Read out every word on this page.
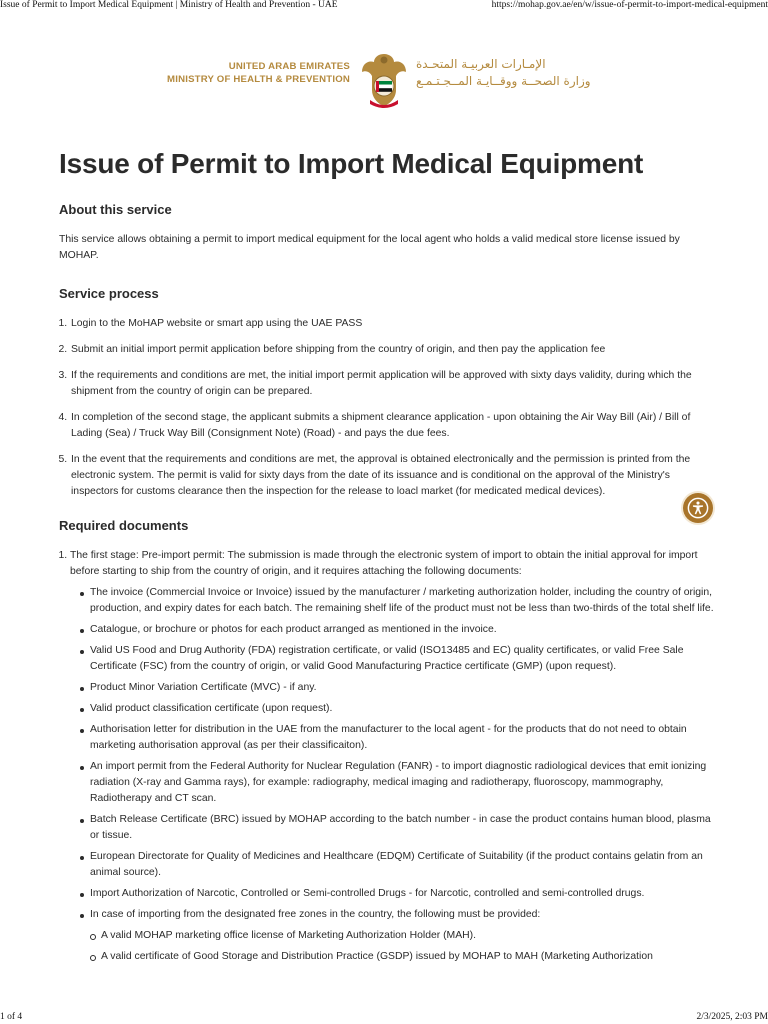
Issue of Permit to Import Medical Equipment | Ministry of Health and Prevention - UAE	https://mohap.gov.ae/en/w/issue-of-permit-to-import-medical-equipment
UNITED ARAB EMIRATES
MINISTRY OF HEALTH & PREVENTION
الإمـارات العربيـة المتحـدة
وزارة الصحــة ووقــايـة المــجـتـمـع
Issue of Permit to Import Medical Equipment
About this service

This service allows obtaining a permit to import medical equipment for the local agent who holds a valid medical store license issued by MOHAP.

Service process
1. Login to the MoHAP website or smart app using the UAE PASS
2. Submit an initial import permit application before shipping from the country of origin, and then pay the application fee
3. If the requirements and conditions are met, the initial import permit application will be approved with sixty days validity, during which the shipment from the country of origin can be prepared.
4. In completion of the second stage, the applicant submits a shipment clearance application - upon obtaining the Air Way Bill (Air) / Bill of Lading (Sea) / Truck Way Bill (Consignment Note) (Road) - and pays the due fees.
5. In the event that the requirements and conditions are met, the approval is obtained electronically and the permission is printed from the electronic system. The permit is valid for sixty days from the date of its issuance and is conditional on the approval of the Ministry's inspectors for customs clearance then the inspection for the release to loacl market (for medicated medical devices).
Required documents
1. The first stage: Pre-import permit: The submission is made through the electronic system of import to obtain the initial approval for import before starting to ship from the country of origin, and it requires attaching the following documents:
The invoice (Commercial Invoice or Invoice) issued by the manufacturer / marketing authorization holder, including the country of origin, production, and expiry dates for each batch. The remaining shelf life of the product must not be less than two-thirds of the total shelf life.
Catalogue, or brochure or photos for each product arranged as mentioned in the invoice.
Valid US Food and Drug Authority (FDA) registration certificate, or valid (ISO13485 and EC) quality certificates, or valid Free Sale Certificate (FSC) from the country of origin, or valid Good Manufacturing Practice certificate (GMP) (upon request).
Product Minor Variation Certificate (MVC) - if any.
Valid product classification certificate (upon request).
Authorisation letter for distribution in the UAE from the manufacturer to the local agent - for the products that do not need to obtain marketing authorisation approval (as per their classificaiton).
An import permit from the Federal Authority for Nuclear Regulation (FANR) - to import diagnostic radiological devices that emit ionizing radiation (X-ray and Gamma rays), for example: radiography, medical imaging and radiotherapy, fluoroscopy, mammography, Radiotherapy and CT scan.
Batch Release Certificate (BRC) issued by MOHAP according to the batch number - in case the product contains human blood, plasma or tissue.
European Directorate for Quality of Medicines and Healthcare (EDQM) Certificate of Suitability (if the product contains gelatin from an animal source).
Import Authorization of Narcotic, Controlled or Semi-controlled Drugs - for Narcotic, controlled and semi-controlled drugs.
In case of importing from the designated free zones in the country, the following must be provided:
A valid MOHAP marketing office license of Marketing Authorization Holder (MAH).
A valid certificate of Good Storage and Distribution Practice (GSDP) issued by MOHAP to MAH (Marketing Authorization
1 of 4	2/3/2025, 2:03 PM
